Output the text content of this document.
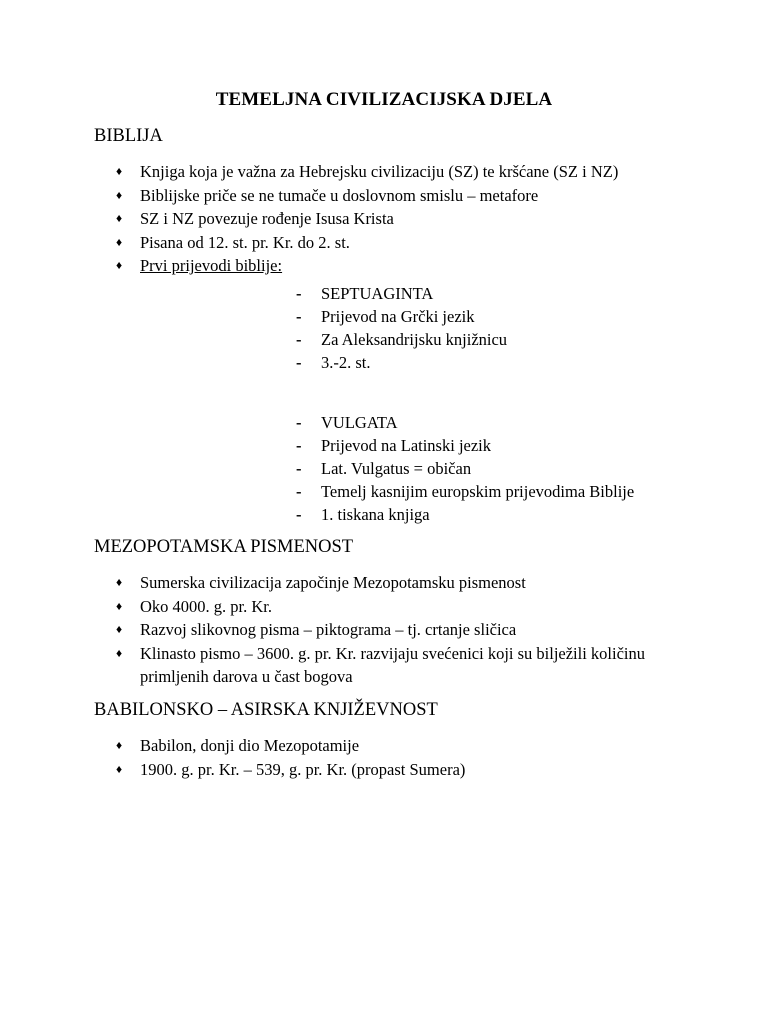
TEMELJNA CIVILIZACIJSKA DJELA
BIBLIJA
♦ Knjiga koja je važna za Hebrejsku civilizaciju (SZ) te kršćane (SZ i NZ)
♦ Biblijske priče se ne tumače u doslovnom smislu – metafore
♦ SZ i NZ povezuje rođenje Isusa Krista
♦ Pisana od 12. st. pr. Kr. do 2. st.
♦ Prvi prijevodi biblije:
- SEPTUAGINTA
- Prijevod na Grčki jezik
- Za Aleksandrijsku knjižnicu
- 3.-2. st.
- VULGATA
- Prijevod na Latinski jezik
- Lat. Vulgatus = običan
- Temelj kasnijim europskim prijevodima Biblije
- 1. tiskana knjiga
MEZOPOTAMSKA PISMENOST
♦ Sumerska civilizacija započinje Mezopotamsku pismenost
♦ Oko 4000. g. pr. Kr.
♦ Razvoj slikovnog pisma – piktograma – tj. crtanje sličica
♦ Klinasto pismo – 3600. g. pr. Kr. razvijaju svećenici koji su bilježili količinu primljenih darova u čast bogova
BABILONSKO – ASIRSKA KNJIŽEVNOST
♦ Babilon, donji dio Mezopotamije
♦ 1900. g. pr. Kr. – 539, g. pr. Kr. (propast Sumera)
